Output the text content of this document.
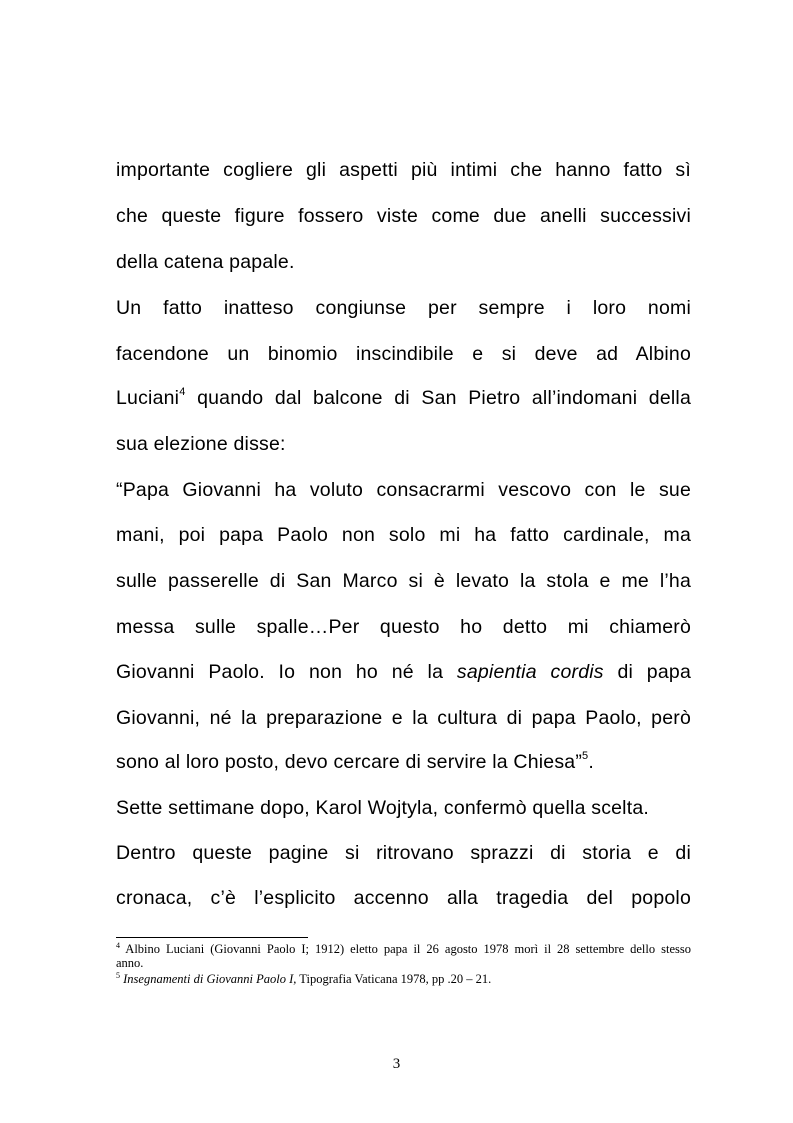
importante cogliere gli aspetti più intimi che hanno fatto sì
che queste figure fossero viste come due anelli successivi
della catena papale.
Un fatto inatteso congiunse per sempre i loro nomi
facendone un binomio inscindibile e si deve ad Albino
Luciani$^4$ quando dal balcone di San Pietro all’indomani della
sua elezione disse:
“Papa Giovanni ha voluto consacrarmi vescovo con le sue
mani, poi papa Paolo non solo mi ha fatto cardinale, ma
sulle passerelle di San Marco si è levato la stola e me l’ha
messa sulle spalle…Per questo ho detto mi chiamerò
Giovanni Paolo. Io non ho né la sapientia cordis di papa
Giovanni, né la preparazione e la cultura di papa Paolo, però
sono al loro posto, devo cercare di servire la Chiesa”$^5$.
Sette settimane dopo, Karol Wojtyla, confermò quella scelta.
Dentro queste pagine si ritrovano sprazzi di storia e di
cronaca, c’è l’esplicito accenno alla tragedia del popolo
$^4$ Albino Luciani (Giovanni Paolo I; 1912) eletto papa il 26 agosto 1978 morì il 28 settembre dello stesso
anno.
$^5$ Insegnamenti di Giovanni Paolo I, Tipografia Vaticana 1978, pp .20 – 21.
3
